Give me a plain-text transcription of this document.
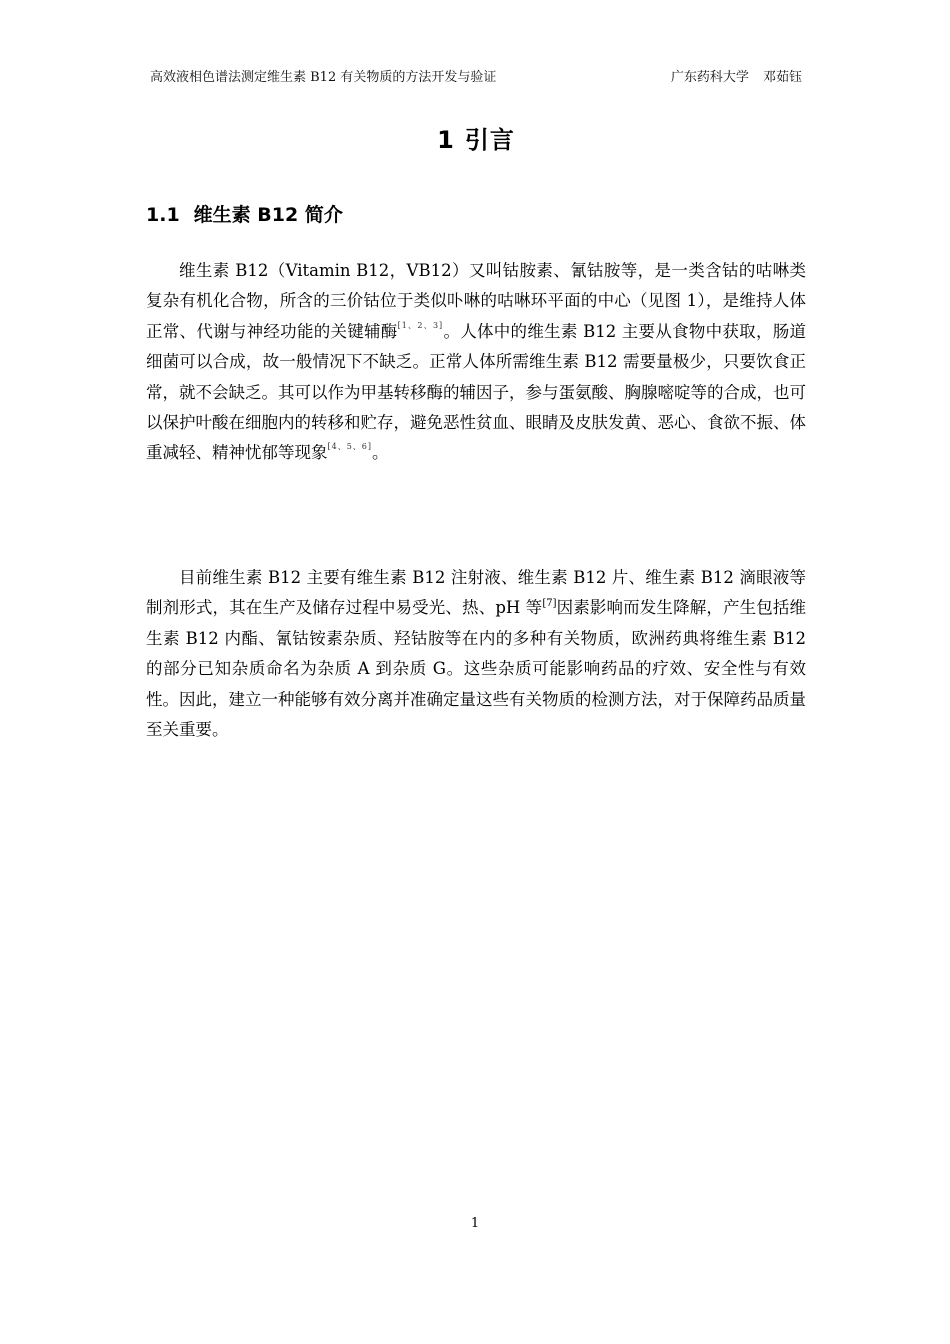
高效液相色谱法测定维生素 B12 有关物质的方法开发与验证	广东药科大学 邓茹钰
1 引言
1.1 维生素 B12 简介

维生素 B12（Vitamin B12，VB12）又叫钴胺素、氰钴胺等，是一类含钴的咕啉类复杂有机化合物，所含的三价钴位于类似卟啉的咕啉环平面的中心（见图 1），是维持人体正常、代谢与神经功能的关键辅酶[1、2、3]。人体中的维生素 B12 主要从食物中获取，肠道细菌可以合成，故一般情况下不缺乏。正常人体所需维生素 B12 需要量极少，只要饮食正常，就不会缺乏。其可以作为甲基转移酶的辅因子，参与蛋氨酸、胸腺嘧啶等的合成，也可以保护叶酸在细胞内的转移和贮存，避免恶性贫血、眼睛及皮肤发黄、恶心、食欲不振、体重减轻、精神忧郁等现象[4、5、6]。

目前维生素 B12 主要有维生素 B12 注射液、维生素 B12 片、维生素 B12 滴眼液等制剂形式，其在生产及储存过程中易受光、热、pH 等[7]因素影响而发生降解，产生包括维生素 B12 内酯、氰钴铵素杂质、羟钴胺等在内的多种有关物质，欧洲药典将维生素 B12 的部分已知杂质命名为杂质 A 到杂质 G。这些杂质可能影响药品的疗效、安全性与有效性。因此，建立一种能够有效分离并准确定量这些有关物质的检测方法，对于保障药品质量至关重要。

1
